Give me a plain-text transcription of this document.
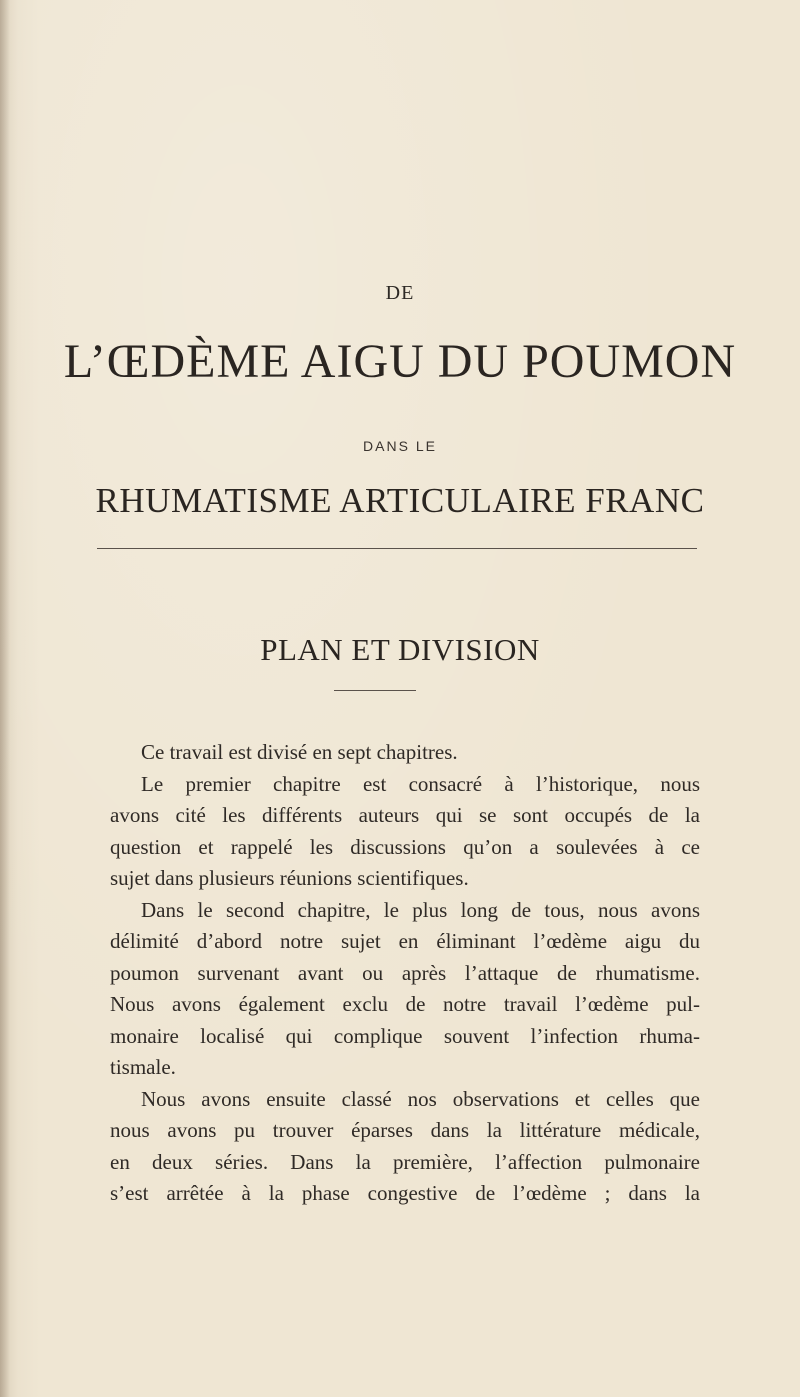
DE
L’ŒDÈME AIGU DU POUMON
DANS LE
RHUMATISME ARTICULAIRE FRANC
PLAN ET DIVISION

Ce travail est divisé en sept chapitres.

Le premier chapitre est consacré à l’historique, nous
avons cité les différents auteurs qui se sont occupés de la
question et rappelé les discussions qu’on a soulevées à ce
sujet dans plusieurs réunions scientifiques.

Dans le second chapitre, le plus long de tous, nous avons
délimité d’abord notre sujet en éliminant l’œdème aigu du
poumon survenant avant ou après l’attaque de rhumatisme.
Nous avons également exclu de notre travail l’œdème pul-
monaire localisé qui complique souvent l’infection rhuma-
tismale.

Nous avons ensuite classé nos observations et celles que
nous avons pu trouver éparses dans la littérature médicale,
en deux séries. Dans la première, l’affection pulmonaire
s’est arrêtée à la phase congestive de l’œdème ; dans la
